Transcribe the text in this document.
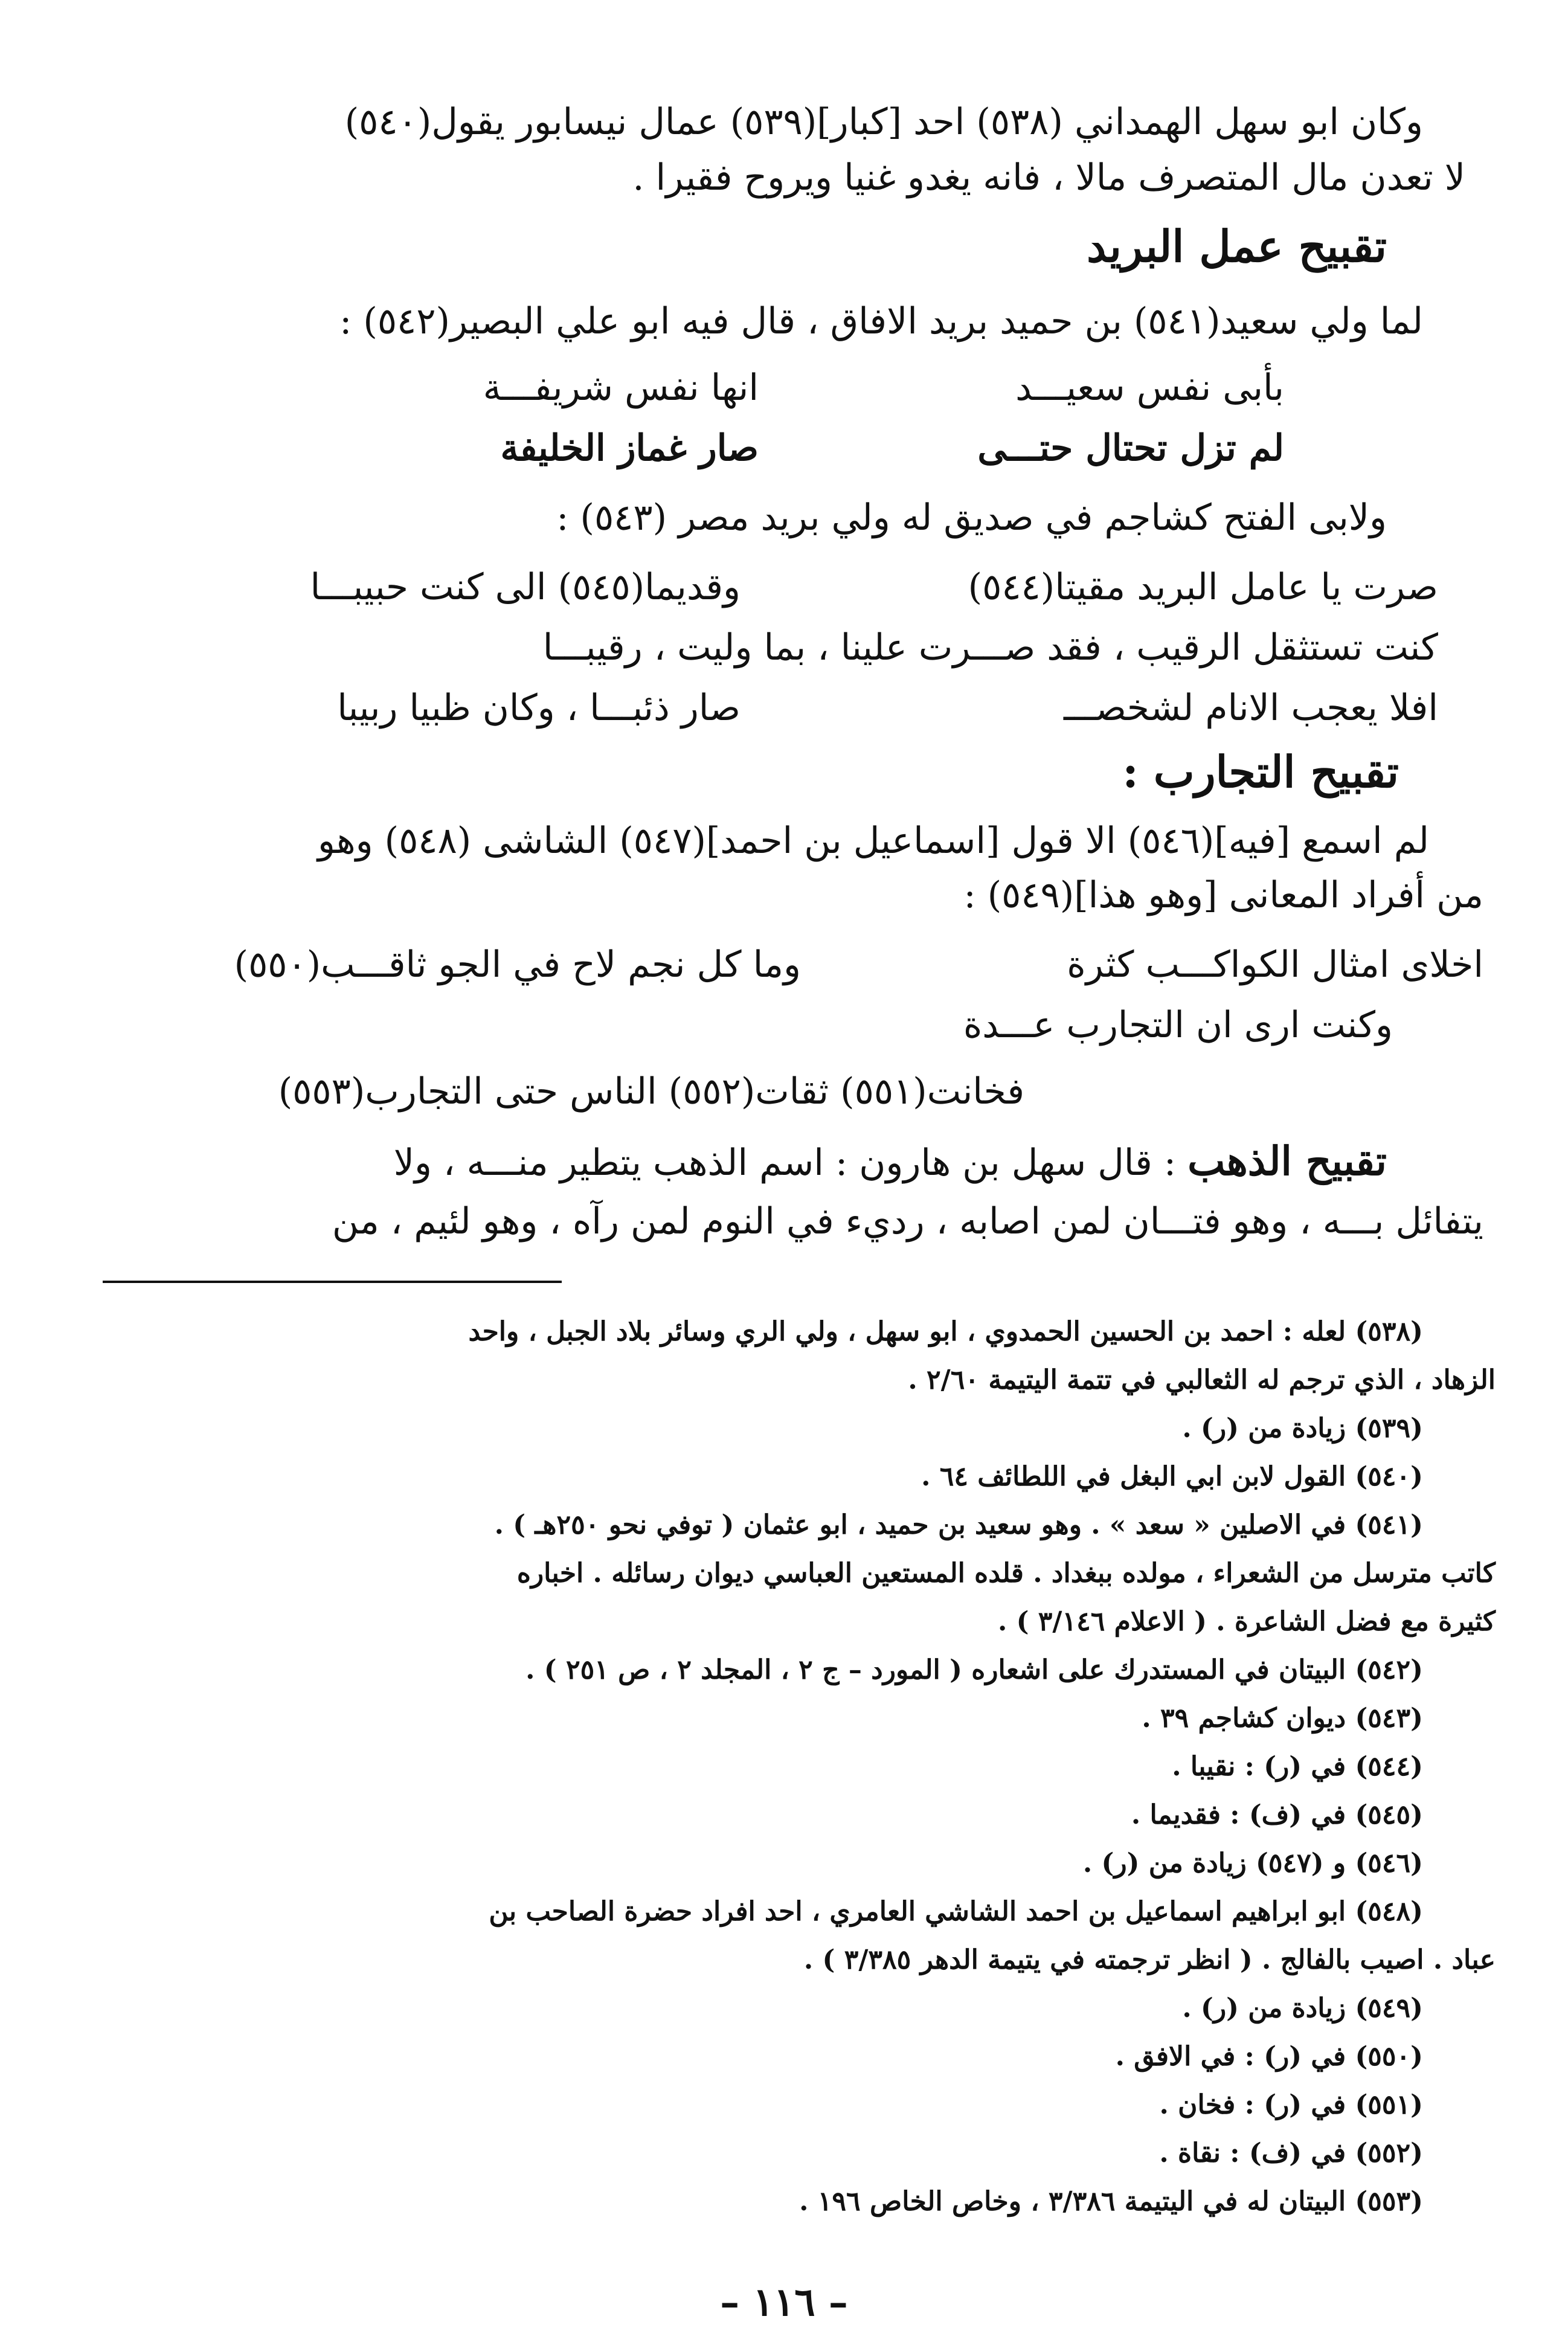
وكان ابو سهل الهمداني (٥٣٨) احد [كبار](٥٣٩) عمال نيسابور يقول(٥٤٠)
لا تعدن مال المتصرف مالا ، فانه يغدو غنيا ويروح فقيرا .
تقبيح عمل البريد
لما ولي سعيد(٥٤١) بن حميد بريد الافاق ، قال فيه ابو علي البصير(٥٤٢) :
بأبى نفس سعيـــد
انها نفس شريفـــة
لم تزل تحتال حتـــى
صار غماز الخليفة
ولابى الفتح كشاجم في صديق له ولي بريد مصر (٥٤٣) :
صرت يا عامل البريد مقيتا(٥٤٤)
وقديما(٥٤٥) الى كنت حبيبـــا
كنت تستثقل الرقيب ، فقد صـــرت علينا ، بما وليت ، رقيبـــا
افلا يعجب الانام لشخصـــ
صار ذئبـــا ، وكان ظبيا ربيبا
تقبيح التجارب :
لم اسمع [فيه](٥٤٦) الا قول [اسماعيل بن احمد](٥٤٧) الشاشى (٥٤٨) وهو
من أفراد المعانى [وهو هذا](٥٤٩) :
اخلاى امثال الكواكـــب كثرة
وما كل نجم لاح في الجو ثاقـــب(٥٥٠)
وكنت ارى ان التجارب عـــدة
فخانت(٥٥١) ثقات(٥٥٢) الناس حتى التجارب(٥٥٣)
تقبيح الذهب : قال سهل بن هارون : اسم الذهب يتطير منـــه ، ولا
يتفائل بـــه ، وهو فتـــان لمن اصابه ، رديء في النوم لمن رآه ، وهو لئيم ، من
(٥٣٨) لعله : احمد بن الحسين الحمدوي ، ابو سهل ، ولي الري وسائر بلاد الجبل ، واحد
الزهاد ، الذي ترجم له الثعالبي في تتمة اليتيمة ٢/٦٠ .
(٥٣٩) زيادة من (ر) .
(٥٤٠) القول لابن ابي البغل في اللطائف ٦٤ .
(٥٤١) في الاصلين « سعد » . وهو سعيد بن حميد ، ابو عثمان ( توفي نحو ٢٥٠هـ ) .
كاتب مترسل من الشعراء ، مولده ببغداد . قلده المستعين العباسي ديوان رسائله . اخباره
كثيرة مع فضل الشاعرة . ( الاعلام ٣/١٤٦ ) .
(٥٤٢) البيتان في المستدرك على اشعاره ( المورد – ج ٢ ، المجلد ٢ ، ص ٢٥١ ) .
(٥٤٣) ديوان كشاجم ٣٩ .
(٥٤٤) في (ر) : نقيبا .
(٥٤٥) في (ف) : فقديما .
(٥٤٦) و (٥٤٧) زيادة من (ر) .
(٥٤٨) ابو ابراهيم اسماعيل بن احمد الشاشي العامري ، احد افراد حضرة الصاحب بن
عباد . اصيب بالفالج . ( انظر ترجمته في يتيمة الدهر ٣/٣٨٥ ) .
(٥٤٩) زيادة من (ر) .
(٥٥٠) في (ر) : في الافق .
(٥٥١) في (ر) : فخان .
(٥٥٢) في (ف) : نقاة .
(٥٥٣) البيتان له في اليتيمة ٣/٣٨٦ ، وخاص الخاص ١٩٦ .
– ١١٦ –
